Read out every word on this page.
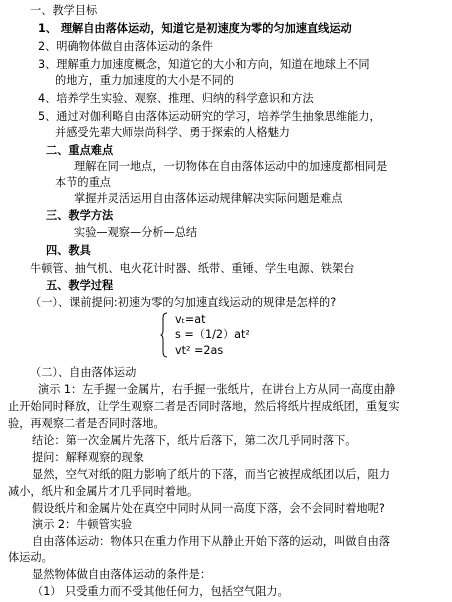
一、教学目标
1、 理解自由落体运动，知道它是初速度为零的匀加速直线运动
2、明确物体做自由落体运动的条件
3、理解重力加速度概念，知道它的大小和方向，知道在地球上不同
的地方，重力加速度的大小是不同的
4、培养学生实验、观察、推理、归纳的科学意识和方法
5、通过对伽利略自由落体运动研究的学习，培养学生抽象思维能力，
并感受先辈大师崇尚科学、勇于探索的人格魅力
二、重点难点
理解在同一地点，一切物体在自由落体运动中的加速度都相同是
本节的重点
掌握并灵活运用自由落体运动规律解决实际问题是难点
三、教学方法
实验—观察—分析—总结
四、教具
牛顿管、抽气机、电火花计时器、纸带、重锤、学生电源、铁架台
五、教学过程
（一）、课前提问:初速为零的匀加速直线运动的规律是怎样的?
vₜ=at
s =（1/2）at²
vt² =2as
（二）、自由落体运动
演示 1：左手握一金属片，右手握一张纸片，在讲台上方从同一高度由静
止开始同时释放，让学生观察二者是否同时落地，然后将纸片捏成纸团，重复实
验，再观察二者是否同时落地。
结论：第一次金属片先落下，纸片后落下，第二次几乎同时落下。
提问：解释观察的现象
显然，空气对纸的阻力影响了纸片的下落，而当它被捏成纸团以后，阻力
减小，纸片和金属片才几乎同时着地。
假设纸片和金属片处在真空中同时从同一高度下落，会不会同时着地呢?
演示 2：牛顿管实验
自由落体运动：物体只在重力作用下从静止开始下落的运动，叫做自由落
体运动。
显然物体做自由落体运动的条件是：
（1） 只受重力而不受其他任何力，包括空气阻力。
